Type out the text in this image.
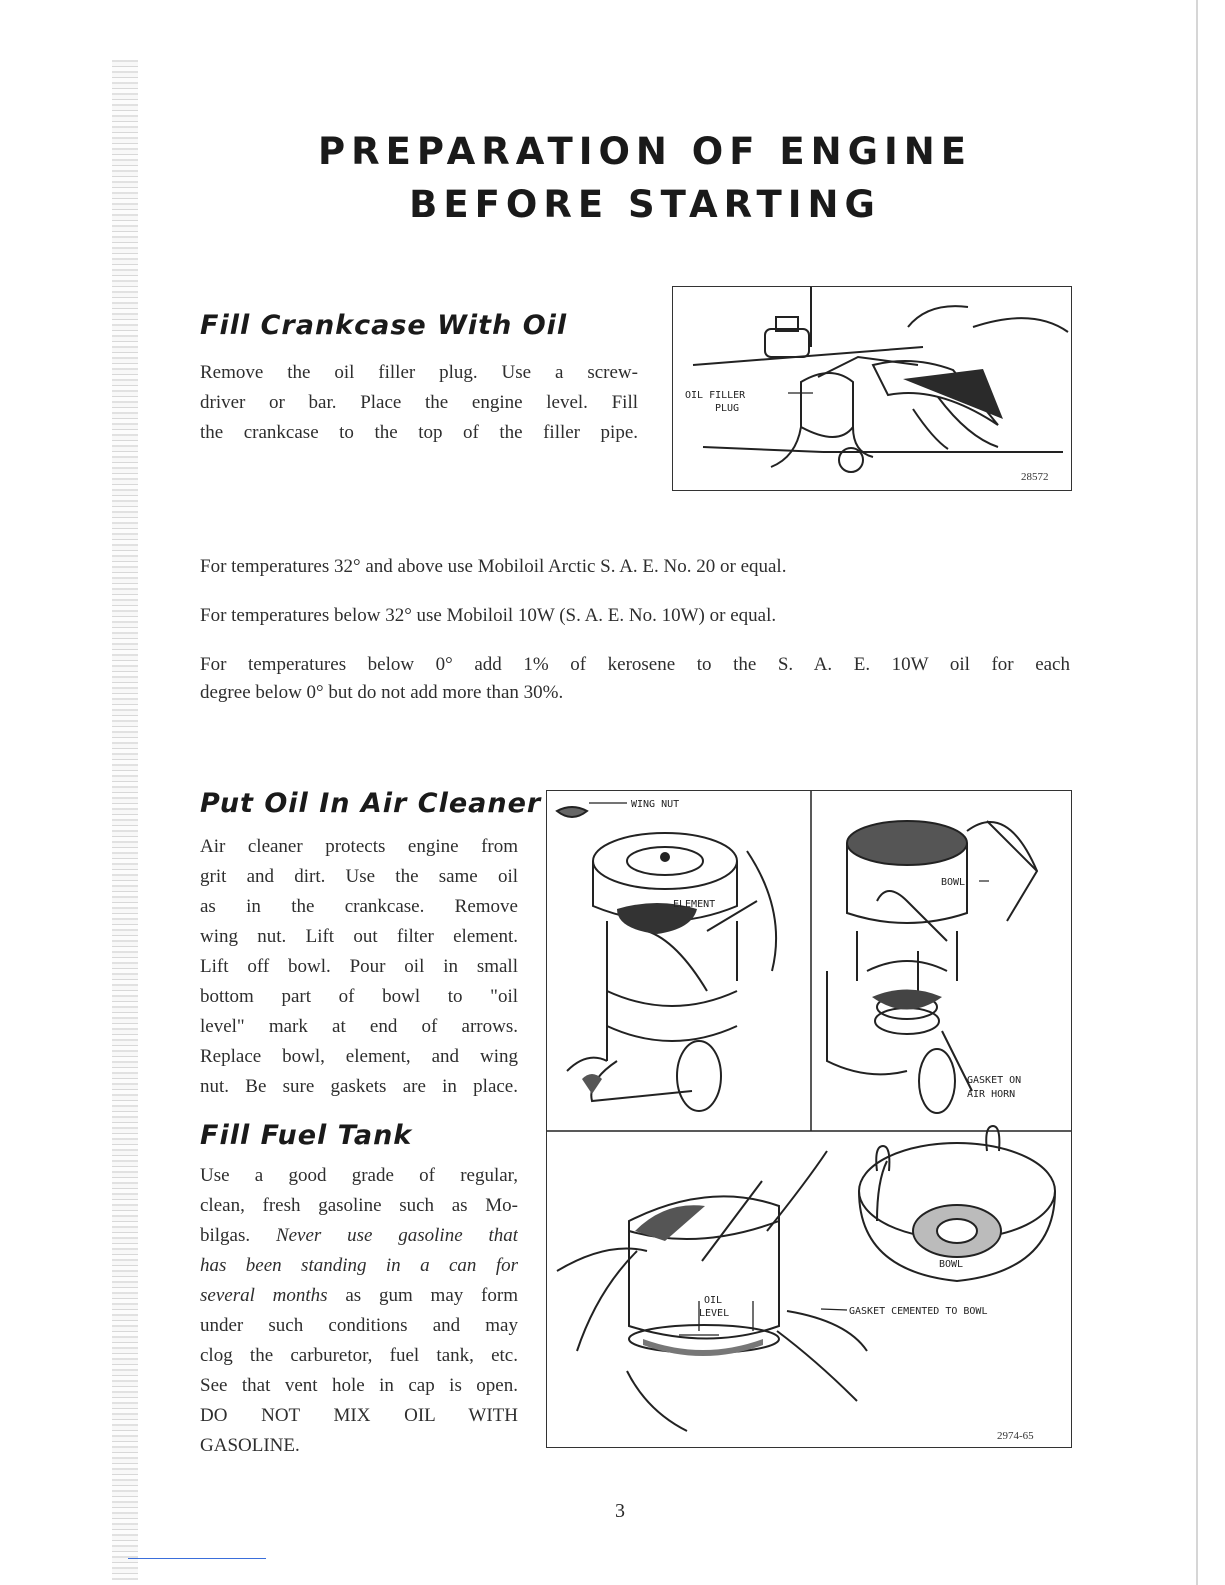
PREPARATION OF ENGINE
BEFORE STARTING
Fill Crankcase With Oil
Remove the oil filler plug. Use a screw-
driver or bar. Place the engine level. Fill
the crankcase to the top of the filler pipe.
OIL FILLER
PLUG
28572
For temperatures 32° and above use Mobiloil Arctic S. A. E. No. 20 or equal.
For temperatures below 32° use Mobiloil 10W (S. A. E. No. 10W) or equal.
For temperatures below 0° add 1% of kerosene to the S. A. E. 10W oil for each
degree below 0° but do not add more than 30%.
Put Oil In Air Cleaner
Air cleaner protects engine from
grit and dirt. Use the same oil
as in the crankcase. Remove
wing nut. Lift out filter element.
Lift off bowl. Pour oil in small
bottom part of bowl to "oil
level" mark at end of arrows.
Replace bowl, element, and wing
nut. Be sure gaskets are in place.
Fill Fuel Tank
Use a good grade of regular,
clean, fresh gasoline such as Mo-
bilgas. Never use gasoline that
has been standing in a can for
several months as gum may form
under such conditions and may
clog the carburetor, fuel tank, etc.
See that vent hole in cap is open.
DO NOT MIX OIL WITH
GASOLINE.
WING NUT
ELEMENT
BOWL
GASKET ON
AIR HORN
OIL
LEVEL
BOWL
GASKET CEMENTED TO BOWL
2974-65
3
